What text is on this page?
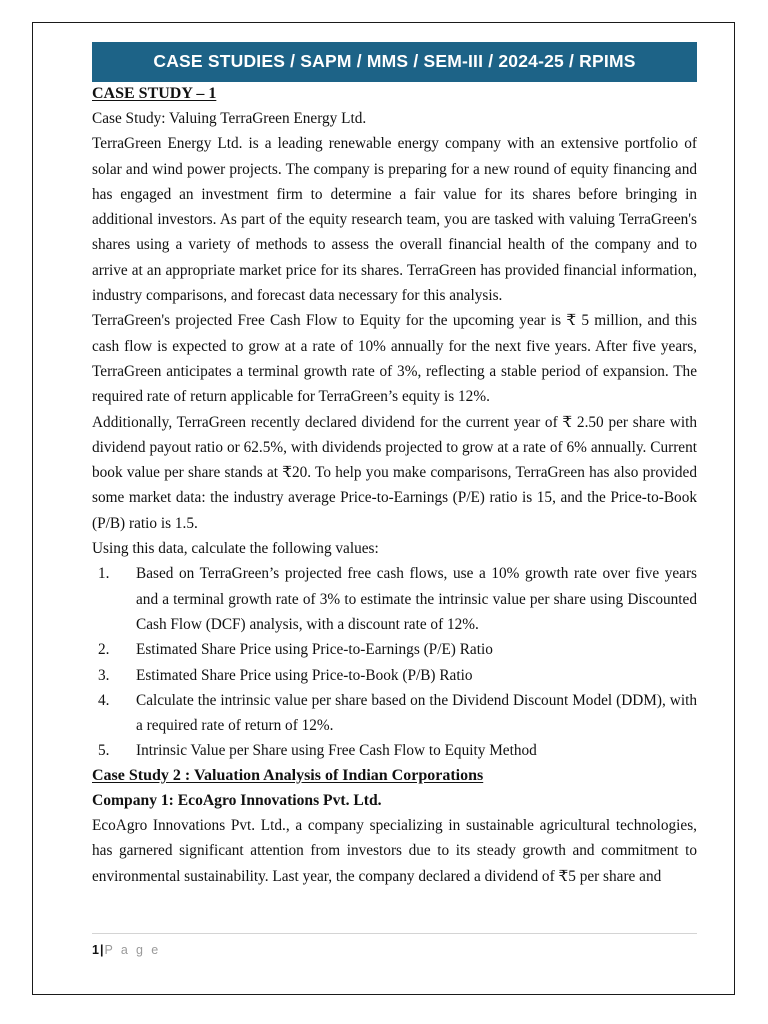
CASE STUDIES / SAPM / MMS / SEM-III / 2024-25 / RPIMS
CASE STUDY – 1

Case Study: Valuing TerraGreen Energy Ltd.

TerraGreen Energy Ltd. is a leading renewable energy company with an extensive portfolio of solar and wind power projects. The company is preparing for a new round of equity financing and has engaged an investment firm to determine a fair value for its shares before bringing in additional investors. As part of the equity research team, you are tasked with valuing TerraGreen's shares using a variety of methods to assess the overall financial health of the company and to arrive at an appropriate market price for its shares. TerraGreen has provided financial information, industry comparisons, and forecast data necessary for this analysis.

TerraGreen's projected Free Cash Flow to Equity for the upcoming year is ₹ 5 million, and this cash flow is expected to grow at a rate of 10% annually for the next five years. After five years, TerraGreen anticipates a terminal growth rate of 3%, reflecting a stable period of expansion. The required rate of return applicable for TerraGreen’s equity is 12%.

Additionally, TerraGreen recently declared dividend for the current year of ₹ 2.50 per share with dividend payout ratio or 62.5%, with dividends projected to grow at a rate of 6% annually. Current book value per share stands at ₹20. To help you make comparisons, TerraGreen has also provided some market data: the industry average Price-to-Earnings (P/E) ratio is 15, and the Price-to-Book (P/B) ratio is 1.5.

Using this data, calculate the following values:

1.	Based on TerraGreen’s projected free cash flows, use a 10% growth rate over five years and a terminal growth rate of 3% to estimate the intrinsic value per share using Discounted Cash Flow (DCF) analysis, with a discount rate of 12%.
2.	Estimated Share Price using Price-to-Earnings (P/E) Ratio
3.	Estimated Share Price using Price-to-Book (P/B) Ratio
4.	Calculate the intrinsic value per share based on the Dividend Discount Model (DDM), with a required rate of return of 12%.
5.	Intrinsic Value per Share using Free Cash Flow to Equity Method
Case Study 2 : Valuation Analysis of Indian Corporations

Company 1: EcoAgro Innovations Pvt. Ltd.

EcoAgro Innovations Pvt. Ltd., a company specializing in sustainable agricultural technologies, has garnered significant attention from investors due to its steady growth and commitment to environmental sustainability. Last year, the company declared a dividend of ₹5 per share and

1|P a g e
